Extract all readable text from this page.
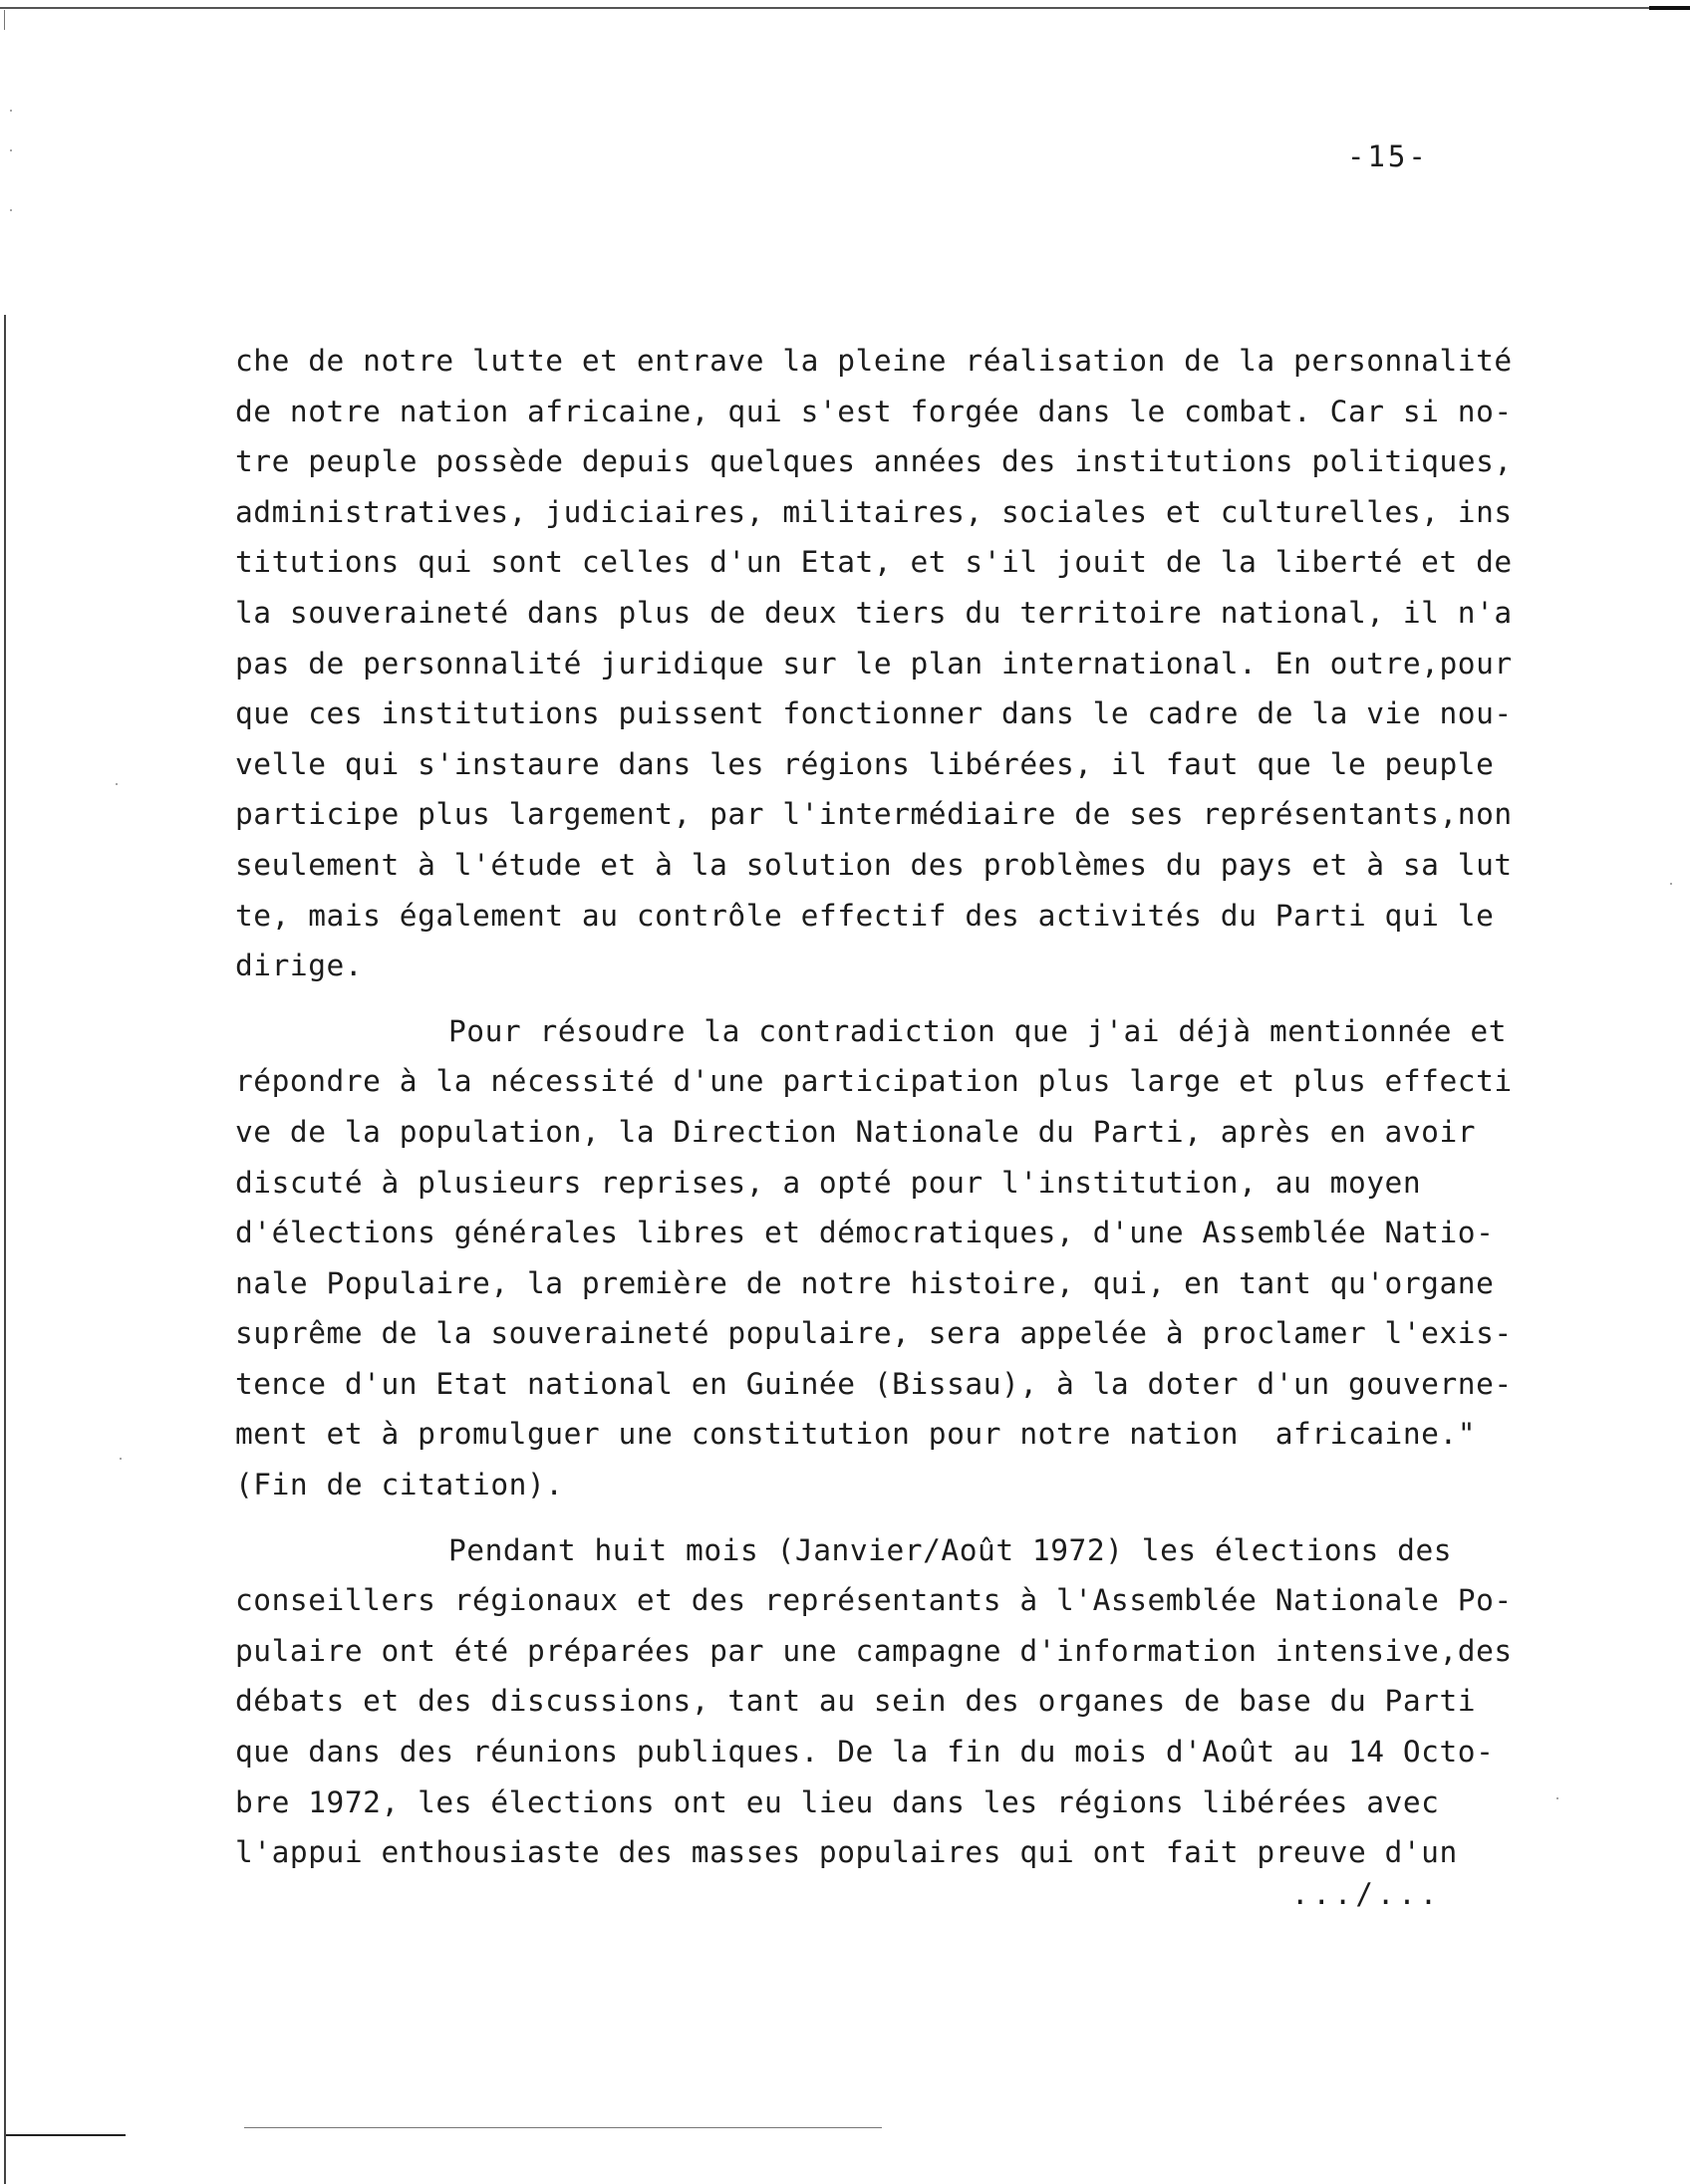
-15-
che de notre lutte et entrave la pleine réalisation de la personnalité
de notre nation africaine, qui s'est forgée dans le combat. Car si no-
tre peuple possède depuis quelques années des institutions politiques,
administratives, judiciaires, militaires, sociales et culturelles, ins
titutions qui sont celles d'un Etat, et s'il jouit de la liberté et de
la souveraineté dans plus de deux tiers du territoire national, il n'a
pas de personnalité juridique sur le plan international. En outre,pour
que ces institutions puissent fonctionner dans le cadre de la vie nou-
velle qui s'instaure dans les régions libérées, il faut que le peuple
participe plus largement, par l'intermédiaire de ses représentants,non
seulement à l'étude et à la solution des problèmes du pays et à sa lut
te, mais également au contrôle effectif des activités du Parti qui le
dirige.
Pour résoudre la contradiction que j'ai déjà mentionnée et
répondre à la nécessité d'une participation plus large et plus effecti
ve de la population, la Direction Nationale du Parti, après en avoir
discuté à plusieurs reprises, a opté pour l'institution, au moyen
d'élections générales libres et démocratiques, d'une Assemblée Natio-
nale Populaire, la première de notre histoire, qui, en tant qu'organe
suprême de la souveraineté populaire, sera appelée à proclamer l'exis-
tence d'un Etat national en Guinée (Bissau), à la doter d'un gouverne-
ment et à promulguer une constitution pour notre nation  africaine."
(Fin de citation).
Pendant huit mois (Janvier/Août 1972) les élections des
conseillers régionaux et des représentants à l'Assemblée Nationale Po-
pulaire ont été préparées par une campagne d'information intensive,des
débats et des discussions, tant au sein des organes de base du Parti
que dans des réunions publiques. De la fin du mois d'Août au 14 Octo-
bre 1972, les élections ont eu lieu dans les régions libérées avec
l'appui enthousiaste des masses populaires qui ont fait preuve d'un
.../...
